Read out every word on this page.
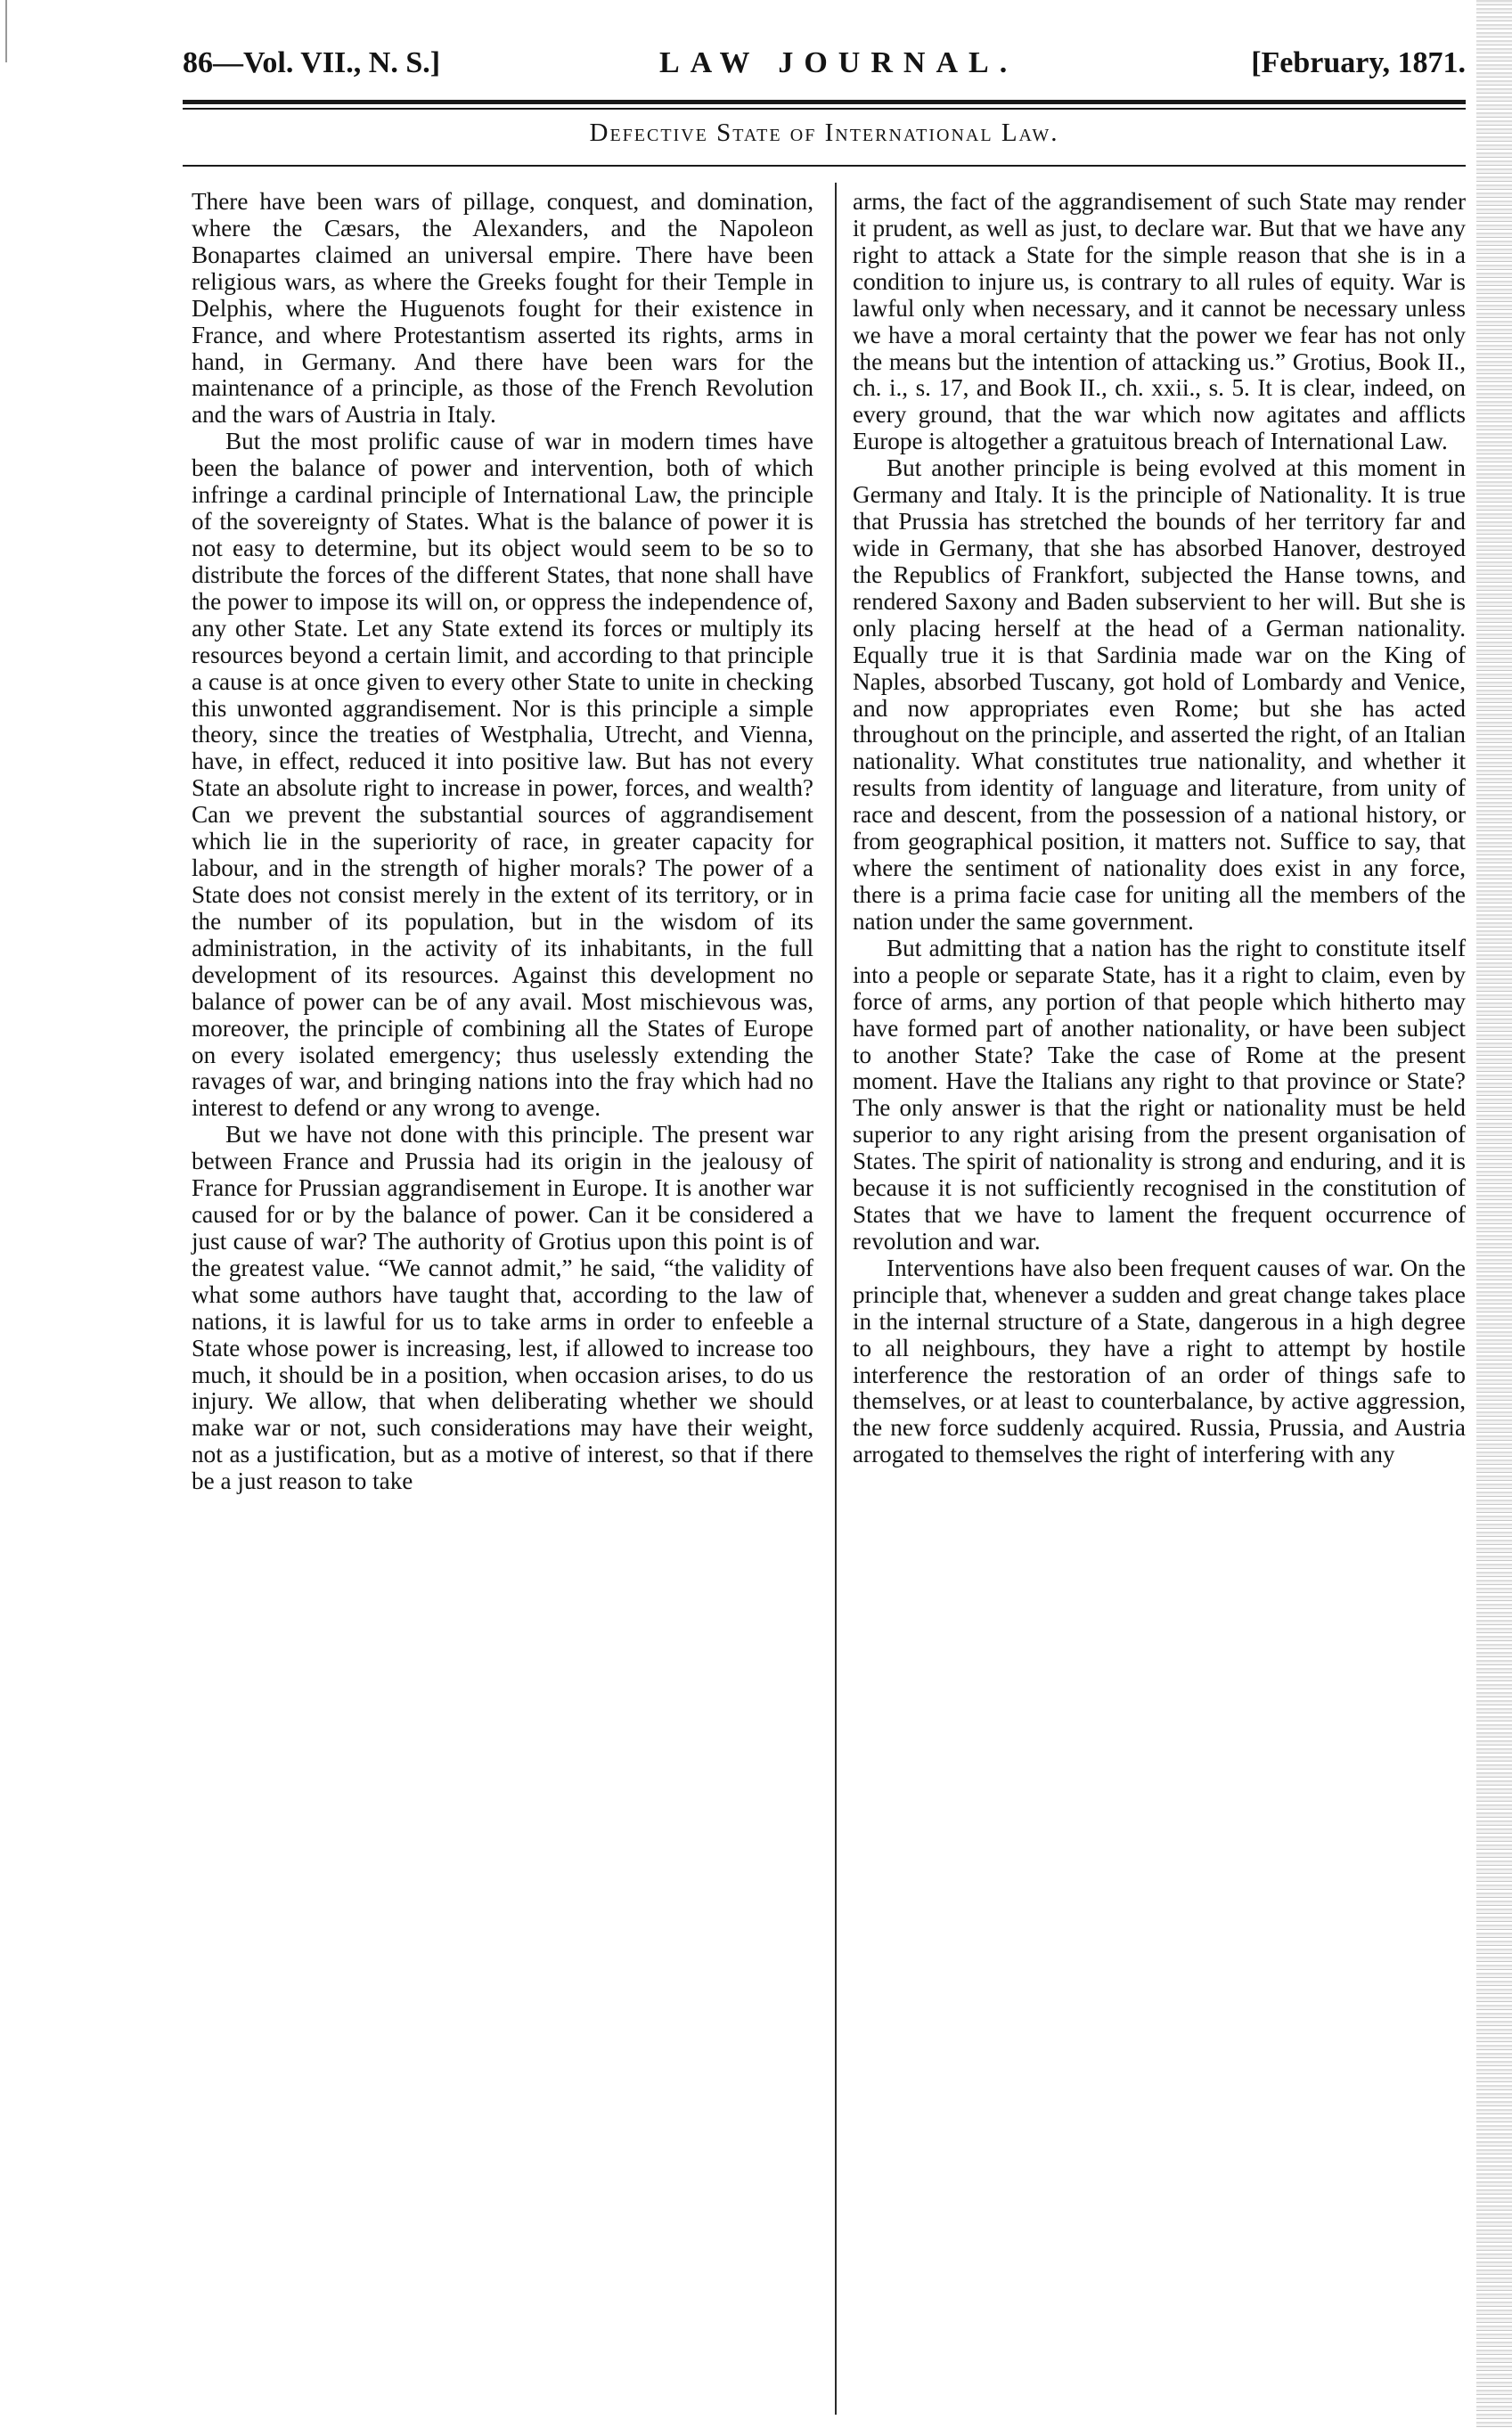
86—Vol. VII., N. S.]	LAW JOURNAL.	[February, 1871.
Defective State of International Law.

There have been wars of pillage, conquest, and domination, where the Cæsars, the Alexanders, and the Napoleon Bonapartes claimed an universal empire. There have been religious wars, as where the Greeks fought for their Temple in Delphis, where the Huguenots fought for their existence in France, and where Protestantism asserted its rights, arms in hand, in Germany. And there have been wars for the maintenance of a principle, as those of the French Revolution and the wars of Austria in Italy.

But the most prolific cause of war in modern times have been the balance of power and intervention, both of which infringe a cardinal principle of International Law, the principle of the sovereignty of States. What is the balance of power it is not easy to determine, but its object would seem to be so to distribute the forces of the different States, that none shall have the power to impose its will on, or oppress the independence of, any other State. Let any State extend its forces or multiply its resources beyond a certain limit, and according to that principle a cause is at once given to every other State to unite in checking this unwonted aggrandisement. Nor is this principle a simple theory, since the treaties of Westphalia, Utrecht, and Vienna, have, in effect, reduced it into positive law. But has not every State an absolute right to increase in power, forces, and wealth? Can we prevent the substantial sources of aggrandisement which lie in the superiority of race, in greater capacity for labour, and in the strength of higher morals? The power of a State does not consist merely in the extent of its territory, or in the number of its population, but in the wisdom of its administration, in the activity of its inhabitants, in the full development of its resources. Against this development no balance of power can be of any avail. Most mischievous was, moreover, the principle of combining all the States of Europe on every isolated emergency; thus uselessly extending the ravages of war, and bringing nations into the fray which had no interest to defend or any wrong to avenge.

But we have not done with this principle. The present war between France and Prussia had its origin in the jealousy of France for Prussian aggrandisement in Europe. It is another war caused for or by the balance of power. Can it be considered a just cause of war? The authority of Grotius upon this point is of the greatest value. “We cannot admit,” he said, “the validity of what some authors have taught that, according to the law of nations, it is lawful for us to take arms in order to enfeeble a State whose power is increasing, lest, if allowed to increase too much, it should be in a position, when occasion arises, to do us injury. We allow, that when deliberating whether we should make war or not, such considerations may have their weight, not as a justification, but as a motive of interest, so that if there be a just reason to take

arms, the fact of the aggrandisement of such State may render it prudent, as well as just, to declare war. But that we have any right to attack a State for the simple reason that she is in a condition to injure us, is contrary to all rules of equity. War is lawful only when necessary, and it cannot be necessary unless we have a moral certainty that the power we fear has not only the means but the intention of attacking us.” Grotius, Book II., ch. i., s. 17, and Book II., ch. xxii., s. 5. It is clear, indeed, on every ground, that the war which now agitates and afflicts Europe is altogether a gratuitous breach of International Law.

But another principle is being evolved at this moment in Germany and Italy. It is the principle of Nationality. It is true that Prussia has stretched the bounds of her territory far and wide in Germany, that she has absorbed Hanover, destroyed the Republics of Frankfort, subjected the Hanse towns, and rendered Saxony and Baden subservient to her will. But she is only placing herself at the head of a German nationality. Equally true it is that Sardinia made war on the King of Naples, absorbed Tuscany, got hold of Lombardy and Venice, and now appropriates even Rome; but she has acted throughout on the principle, and asserted the right, of an Italian nationality. What constitutes true nationality, and whether it results from identity of language and literature, from unity of race and descent, from the possession of a national history, or from geographical position, it matters not. Suffice to say, that where the sentiment of nationality does exist in any force, there is a prima facie case for uniting all the members of the nation under the same government.

But admitting that a nation has the right to constitute itself into a people or separate State, has it a right to claim, even by force of arms, any portion of that people which hitherto may have formed part of another nationality, or have been subject to another State? Take the case of Rome at the present moment. Have the Italians any right to that province or State? The only answer is that the right or nationality must be held superior to any right arising from the present organisation of States. The spirit of nationality is strong and enduring, and it is because it is not sufficiently recognised in the constitution of States that we have to lament the frequent occurrence of revolution and war.

Interventions have also been frequent causes of war. On the principle that, whenever a sudden and great change takes place in the internal structure of a State, dangerous in a high degree to all neighbours, they have a right to attempt by hostile interference the restoration of an order of things safe to themselves, or at least to counterbalance, by active aggression, the new force suddenly acquired. Russia, Prussia, and Austria arrogated to themselves the right of interfering with any
